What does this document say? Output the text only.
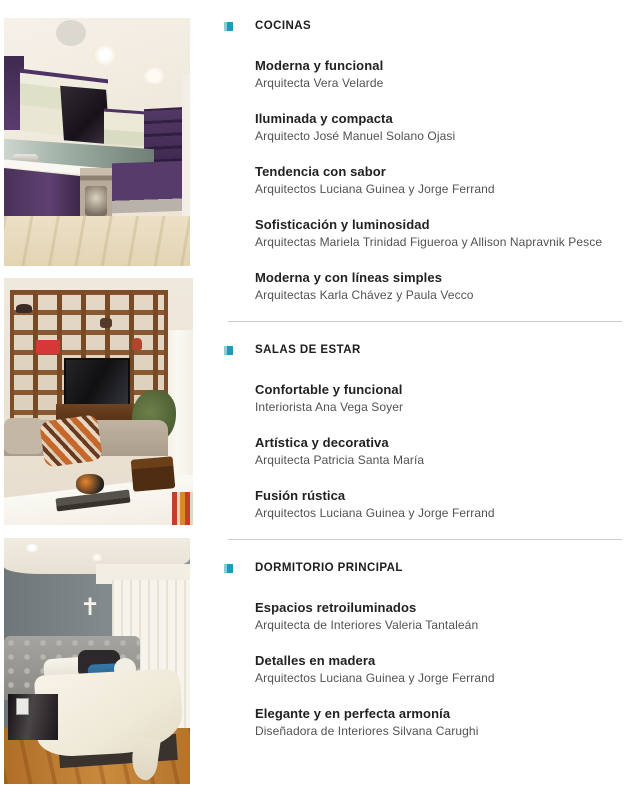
✝
COCINAS
Moderna y funcional
Arquitecta Vera Velarde
Iluminada y compacta
Arquitecto José Manuel Solano Ojasi
Tendencia con sabor
Arquitectos Luciana Guinea y Jorge Ferrand
Sofisticación y luminosidad
Arquitectas Mariela Trinidad Figueroa y Allison Napravnik Pesce
Moderna y con líneas simples
Arquitectas Karla Chávez y Paula Vecco
SALAS DE ESTAR
Confortable y funcional
Interiorista Ana Vega Soyer
Artística y decorativa
Arquitecta Patricia Santa María
Fusión rústica
Arquitectos Luciana Guinea y Jorge Ferrand
DORMITORIO PRINCIPAL
Espacios retroiluminados
Arquitecta de Interiores Valeria Tantaleán
Detalles en madera
Arquitectos Luciana Guinea y Jorge Ferrand
Elegante y en perfecta armonía
Diseñadora de Interiores Silvana Carughi
